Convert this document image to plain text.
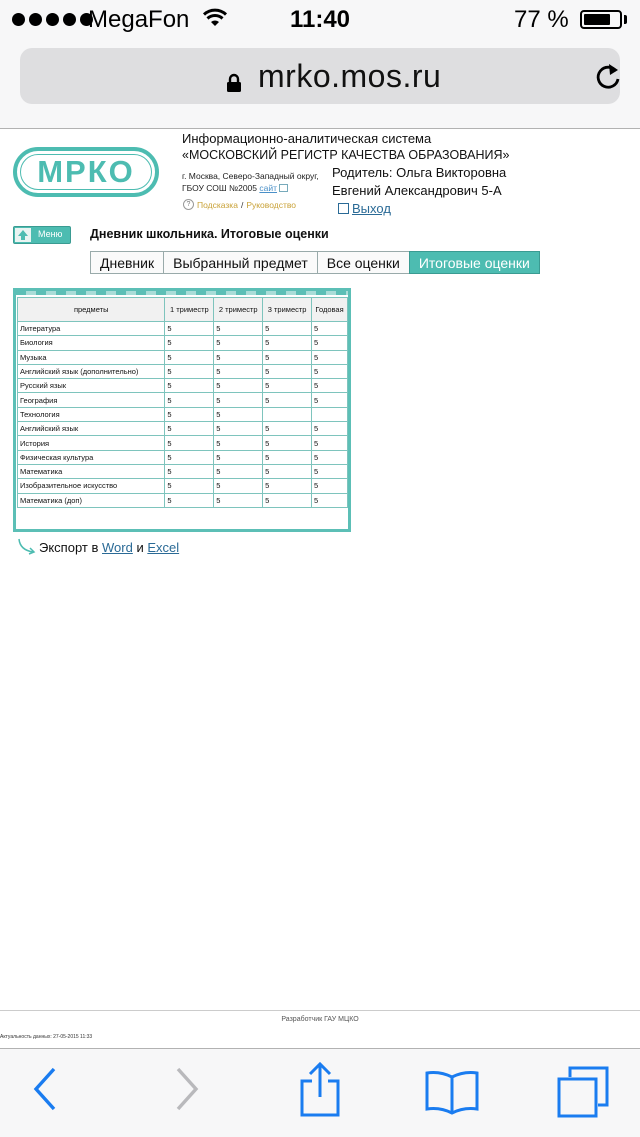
MegaFon	11:40	77 %
mrko.mos.ru
МРКО
Информационно-аналитическая система
«МОСКОВСКИЙ РЕГИСТР КАЧЕСТВА ОБРАЗОВАНИЯ»
г. Москва, Северо-Западный округ,
ГБОУ СОШ №2005 сайт
? Подсказка / Руководство
Родитель: Ольга Викторовна
Евгений Александрович 5-А
Выход
Меню Дневник школьника. Итоговые оценки
Дневник	Выбранный предмет	Все оценки	Итоговые оценки
предметы	1 триместр	2 триместр	3 триместр	Годовая
Литература	5	5	5	5
Биология	5	5	5	5
Музыка	5	5	5	5
Английский язык (дополнительно)	5	5	5	5
Русский язык	5	5	5	5
География	5	5	5	5
Технология	5	5		
Английский язык	5	5	5	5
История	5	5	5	5
Физическая культура	5	5	5	5
Математика	5	5	5	5
Изобразительное искусство	5	5	5	5
Математика (доп)	5	5	5	5
Экспорт в
Word
и
Excel
Разработчик ГАУ МЦКО
Актуальность данных: 27-05-2015 11:33
